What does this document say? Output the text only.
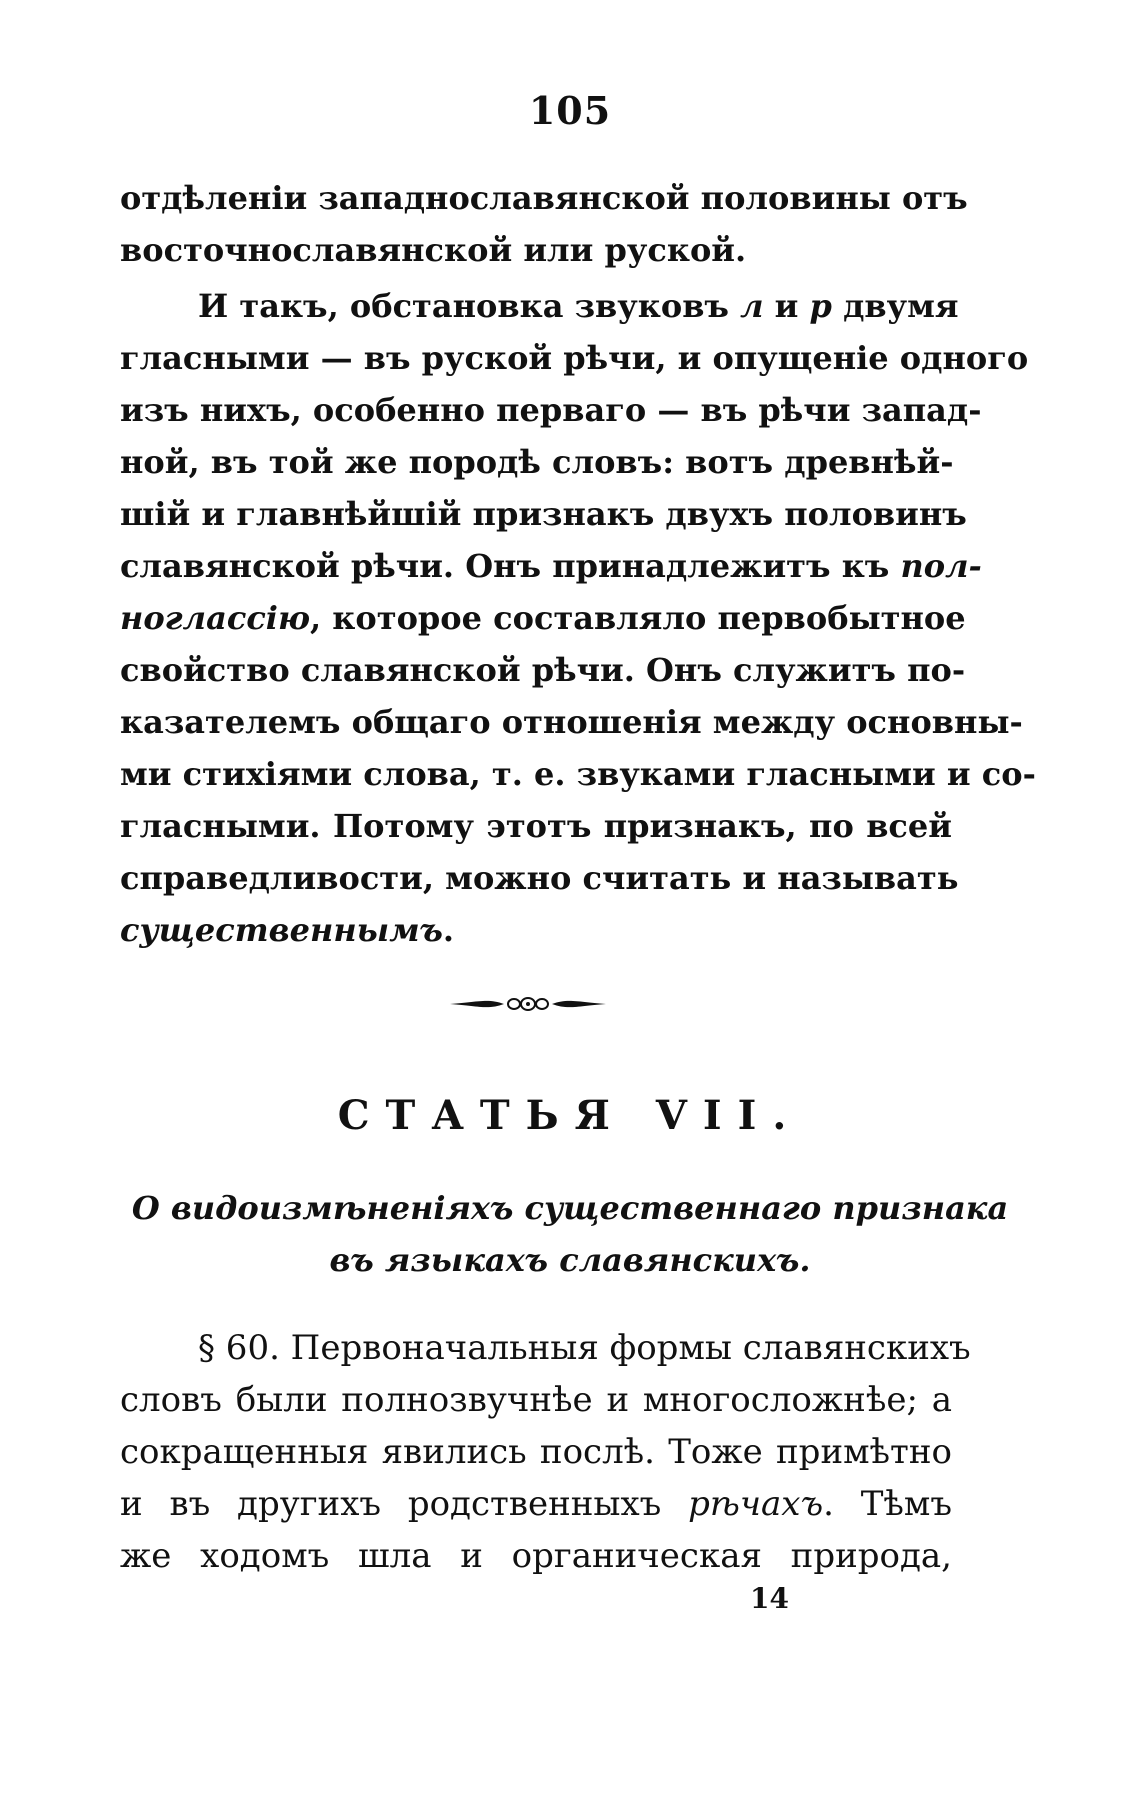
105
отдѣленіи западнославянской половины отъ
восточнославянской или руской.
И такъ, обстановка звуковъ л и р двумя
гласными — въ руской рѣчи, и опущеніе одного
изъ нихъ, особенно перваго — въ рѣчи запад-
ной, въ той же породѣ словъ: вотъ древнѣй-
шій и главнѣйшій признакъ двухъ половинъ
славянской рѣчи. Онъ принадлежитъ къ пол-
ноглассію, которое составляло первобытное
свойство славянской рѣчи. Онъ служитъ по-
казателемъ общаго отношенія между основны-
ми стихіями слова, т. е. звуками гласными и со-
гласными. Потому этотъ признакъ, по всей
справедливости, можно считать и называть
существеннымъ.
СТАТЬЯ VII.
О видоизмѣненіяхъ существеннаго признака
въ языкахъ славянскихъ.
§ 60. Первоначальныя формы славянскихъ
словъ были полнозвучнѣе и многосложнѣе; а
сокращенныя явились послѣ. Тоже примѣтно
и въ другихъ родственныхъ рѣчахъ. Тѣмъ
же ходомъ шла и органическая природа,
14
